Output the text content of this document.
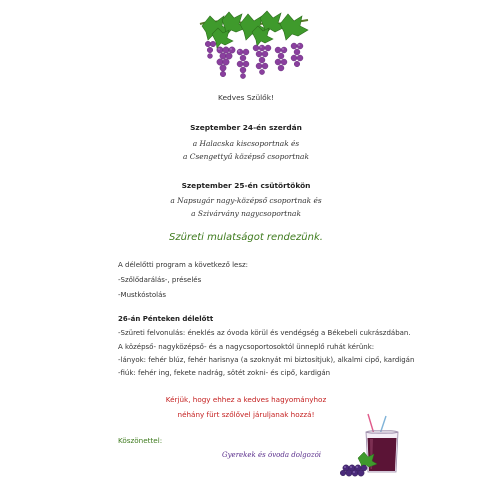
Kedves Szülők!
Szeptember 24-én szerdán
a Halacska kiscsoportnak és
a Csengettyű középső csoportnak
Szeptember 25-én csütörtökön
a Napsugár nagy-középső csoportnak és
a Szivárvány nagycsoportnak
Szüreti mulatságot rendezünk.
A délelőtti program a következő lesz:
-Szőlődarálás-, préselés
-Mustkóstolás
26-án Pénteken délelőtt
-Szüreti felvonulás: éneklés az óvoda körül és vendégség a Békebeli cukrászdában.
A középső- nagyközépső- és a nagycsoportosoktól ünneplő ruhát kérünk:
-lányok: fehér blúz, fehér harisnya (a szoknyát mi biztosítjuk), alkalmi cipő, kardigán
-fiúk: fehér ing, fekete nadrág, sötét zokni- és cipő, kardigán
Kérjük, hogy ehhez a kedves hagyományhoz
néhány fürt szőlővel járuljanak hozzá!
Köszönettel:
Gyerekek és óvoda dolgozói
